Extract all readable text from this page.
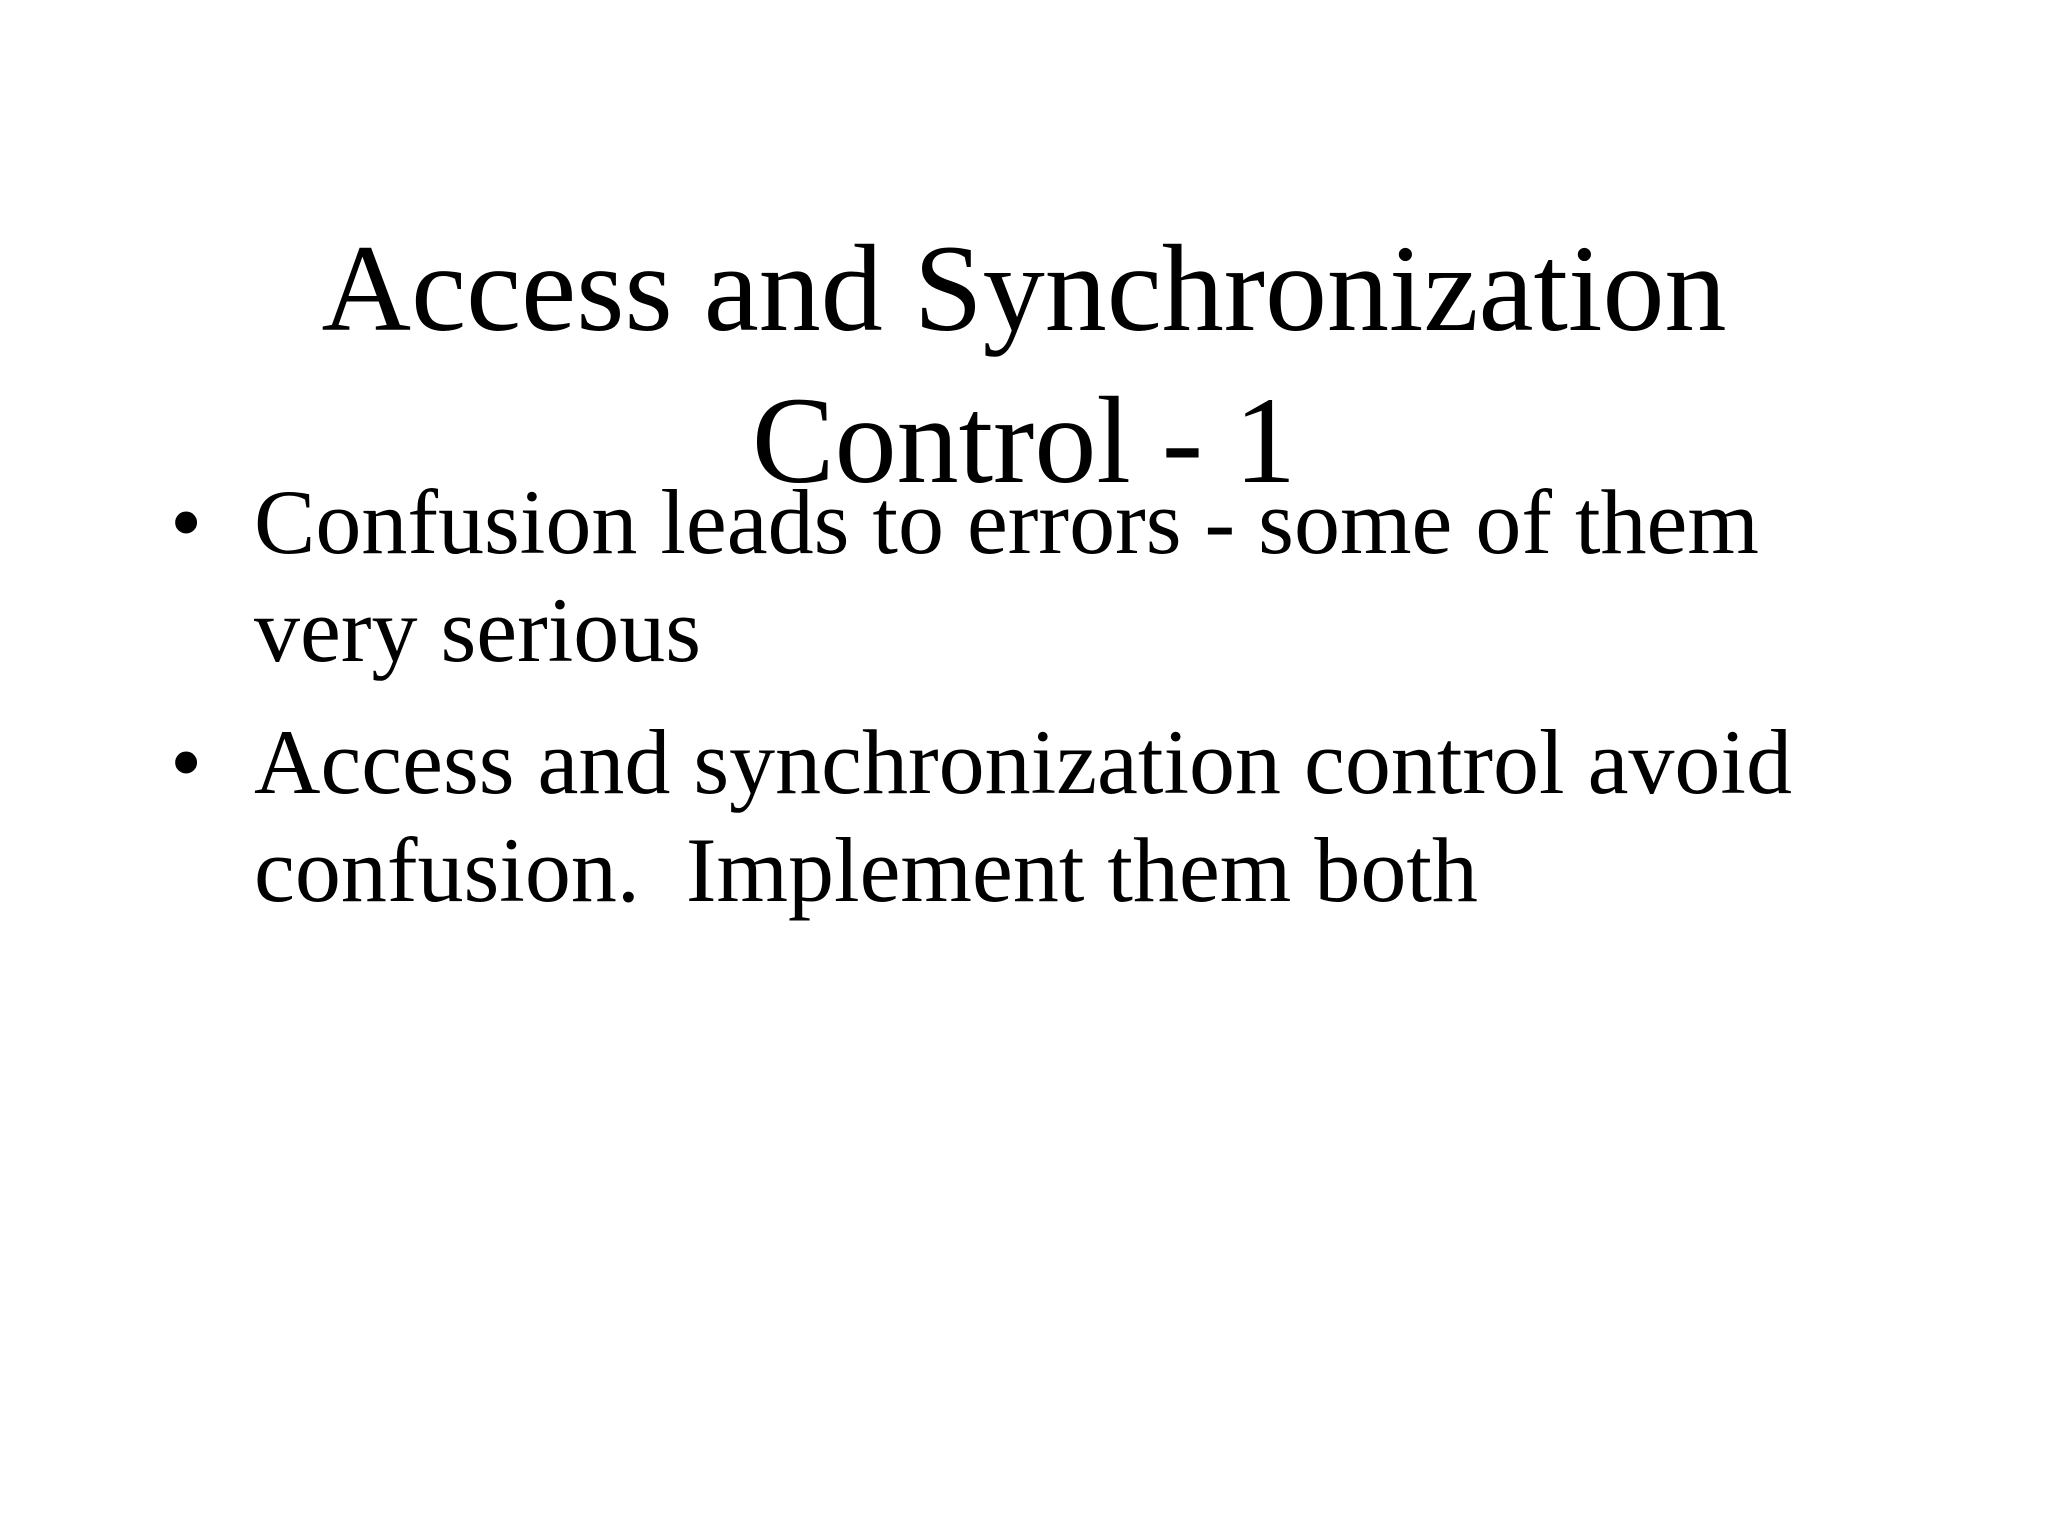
Access and Synchronization
Control - 1
• Confusion leads to errors - some of them
very serious
• Access and synchronization control avoid
confusion.  Implement them both
